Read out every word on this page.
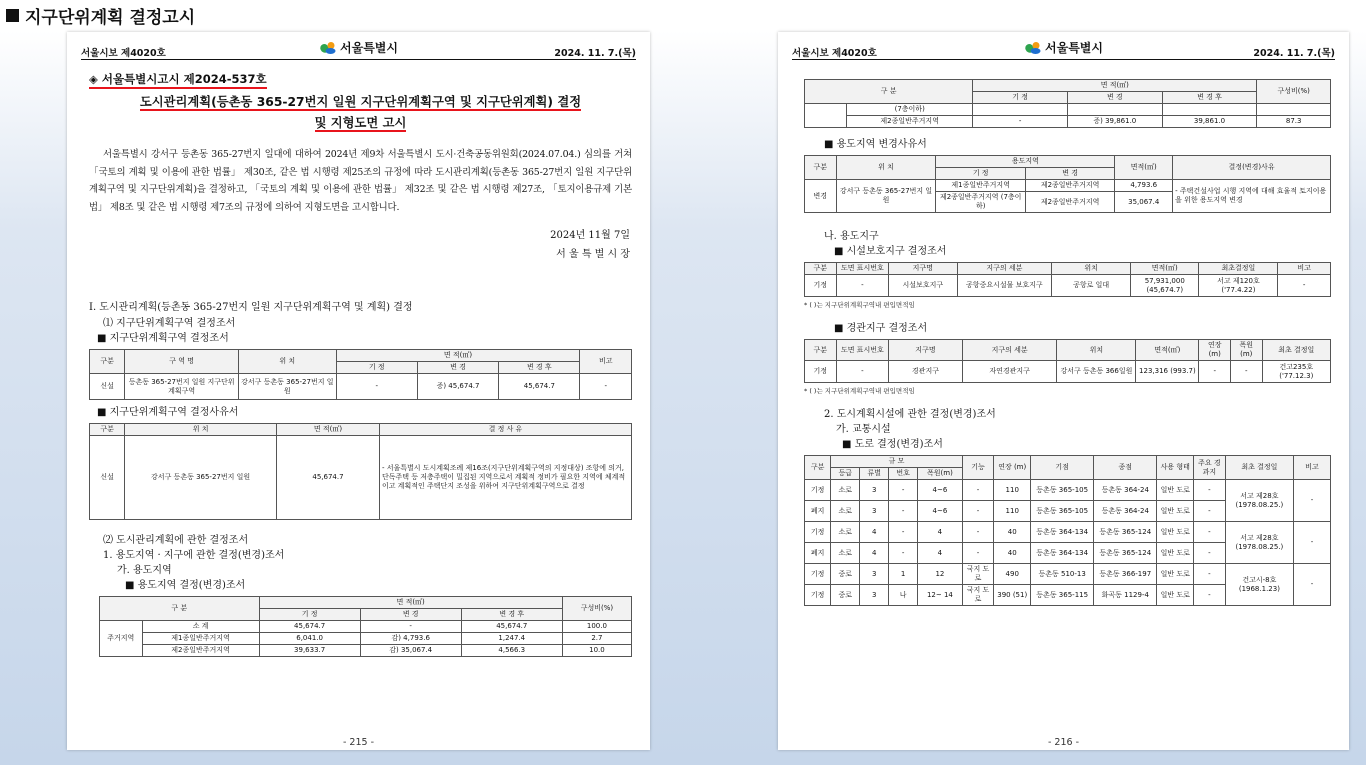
지구단위계획 결정고시
서울시보 제4020호	서울특별시	2024. 11. 7.(목)
◈ 서울특별시고시 제2024-537호
도시관리계획(등촌동 365-27번지 일원 지구단위계획구역 및 지구단위계획) 결정
및 지형도면 고시

서울특별시 강서구 등촌동 365-27번지 일대에 대하여 2024년 제9차 서울특별시 도시·건축공동위원회(2024.07.04.) 심의를 거쳐 「국토의 계획 및 이용에 관한 법률」 제30조, 같은 법 시행령 제25조의 규정에 따라 도시관리계획(등촌동 365-27번지 일원 지구단위계획구역 및 지구단위계획)을 결정하고, 「국토의 계획 및 이용에 관한 법률」 제32조 및 같은 법 시행령 제27조, 「토지이용규제 기본법」 제8조 및 같은 법 시행령 제7조의 규정에 의하여 지형도면을 고시합니다.

2024년 11월 7일
서 울 특 별 시 장
Ⅰ. 도시관리계획(등촌동 365-27번지 일원 지구단위계획구역 및 계획) 결정
⑴ 지구단위계획구역 결정조서
■ 지구단위계획구역 결정조서
구분	구 역 명	위 치	면 적(㎡)			비고
			기 정	변 경	변 경 후	
신설	등촌동 365-27번지 일원 지구단위계획구역	강서구 등촌동 365-27번지 일원	-	증) 45,674.7	45,674.7	-
■ 지구단위계획구역 결정사유서
구분	위 치	면 적(㎡)	결 정 사 유
신설	강서구 등촌동 365-27번지 일원	45,674.7	- 서울특별시 도시계획조례 제16조(지구단위계획구역의 지정대상) 조항에 의거, 단독주택 등 저층주택이 밀집된 지역으로서 계획적 정비가 필요한 지역에 체계적이고 계획적인 주택단지 조성을 위하여 지구단위계획구역으로 결정
⑵ 도시관리계획에 관한 결정조서
1. 용도지역 · 지구에 관한 결정(변경)조서
가. 용도지역
■ 용도지역 결정(변경)조서
구 분		면 적(㎡)			구성비(%)
		기 정	변 경	변 경 후	
주거지역	소 계	45,674.7	-	45,674.7	100.0
	제1종일반주거지역	6,041.0	감) 4,793.6	1,247.4	2.7
	제2종일반주거지역	39,633.7	감) 35,067.4	4,566.3	10.0
- 215 -
서울시보 제4020호	서울특별시	2024. 11. 7.(목)
구 분		면 적(㎡)			구성비(%)
		기 정	변 경	변 경 후	
	(7층이하)				
	제2종일반주거지역	-	증) 39,861.0	39,861.0	87.3
■ 용도지역 변경사유서
구분	위 치	용도지역		면적(㎡)	결정(변경)사유
		기 정	변 경		
변경	강서구 등촌동 365-27번지 일원	제1종일반주거지역	제2종일반주거지역	4,793.6	- 주택건설사업 시행 지역에 대해 효율적 토지이용을 위한 용도지역 변경
		제2종일반주거지역 (7층이하)	제2종일반주거지역	35,067.4	
나. 용도지구
■ 시설보호지구 결정조서
구분	도면 표시번호	지구명	지구의 세분	위치	면적(㎡)	최초결정일	비고
기정	-	시설보호지구	공항중요시설물 보호지구	공항로 일대	57,931,000 (45,674.7)	서고 제120호 ('77.4.22)	-
* ( )는 지구단위계획구역내 편입면적임
■ 경관지구 결정조서
구분	도면 표시번호	지구명	지구의 세분	위치	면적(㎡)	연장 (m)	폭원 (m)	최초 결정일
기정	-	경관지구	자연경관지구	강서구 등촌동 366일원	123,316 (993.7)	-	-	건고235호 ('77.12.3)
* ( )는 지구단위계획구역내 편입면적임
2. 도시계획시설에 관한 결정(변경)조서
가. 교통시설
■ 도로 결정(변경)조서
구분	규 모				기능	연장 (m)	기점	종점	사용 형태	주요 경과지	최초 결정일	비고
	등급	류별	번호	폭원(m)								
기정	소로	3	-	4~6	-	110	등촌동 365-105	등촌동 364-24	일반 도로	-	서고 제28호 (1978.08.25.)	-
폐지	소로	3	-	4~6	-	110	등촌동 365-105	등촌동 364-24	일반 도로	-		
기정	소로	4	-	4	-	40	등촌동 364-134	등촌동 365-124	일반 도로	-	서고 제28호 (1978.08.25.)	-
폐지	소로	4	-	4	-	40	등촌동 364-134	등촌동 365-124	일반 도로	-		
기정	중로	3	1	12	국지 도로	490	등촌동 510-13	등촌동 366-197	일반 도로	-	건고시-8호 (1968.1.23)	-
기정	중로	3	나	12~ 14	국지 도로	390 (51)	등촌동 365-115	화곡동 1129-4	일반 도로	-		
- 216 -
